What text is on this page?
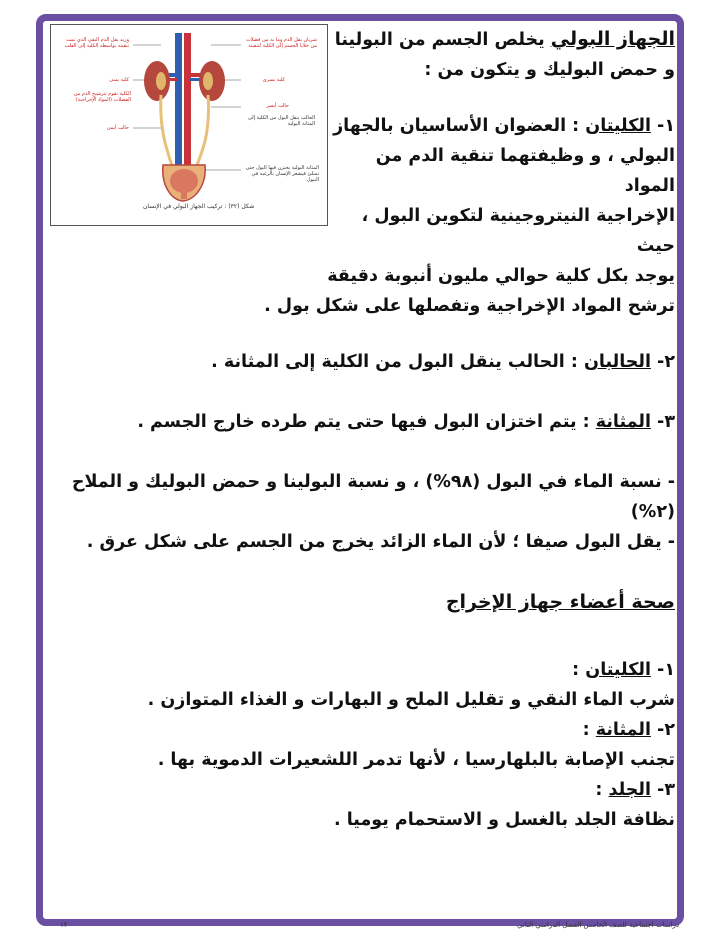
وريد يقل الدم النقي الذي تمت تنقيته بواسطة الكلية إلى القلب
شريان يقل الدم وما به من فضلات من خلايا الجسم إلى الكلية لتنقيته
كلية يمنى	كلية يسرى
الكلية تقوم بترشيح الدم من الفضلات (المواد الإخراجية)
حالب أيسر
الحالب ينقل البول من الكلية إلى المثانة البولية
حالب أيمن
المثانة البولية يختزن فيها البول حتى تمتلئ فيشعر الإنسان بالرغبة في التبول
شكل (٣٢) : تركيب الجهاز البولي في الإنسان

الجهاز البولي يخلص الجسم من البولينا

و حمض البوليك و يتكون من :

١- الكليتان : العضوان الأساسيان بالجهاز

البولي ، و وظيفتهما تنقية الدم من المواد

الإخراجية النيتروجينية لتكوين البول ، حيث

يوجد بكل كلية حوالي مليون أنبوبة دقيقة

ترشح المواد الإخراجية وتفصلها على شكل بول .

٢- الحالبان : الحالب ينقل البول من الكلية إلى المثانة .

٣- المثانة : يتم اختزان البول فيها حتى يتم طرده خارج الجسم .

- نسبة الماء في البول (٩٨%) ، و نسبة البولينا و حمض البوليك و الملاح (٢%)

- يقل البول صيفا ؛ لأن الماء الزائد يخرج من الجسم على شكل عرق .

صحة أعضاء جهاز الإخراج

١- الكليتان :

شرب الماء النقي و تقليل الملح و البهارات و الغذاء المتوازن .

٢- المثانة :

تجنب الإصابة بالبلهارسيا ، لأنها تدمر اللشعيرات الدموية بها .

٣- الجلد :

نظافة الجلد بالغسل و الاستحمام يوميا .

دراسات اجتماعية للصف الخامس الفصل الدراسي الثاني
١٢
